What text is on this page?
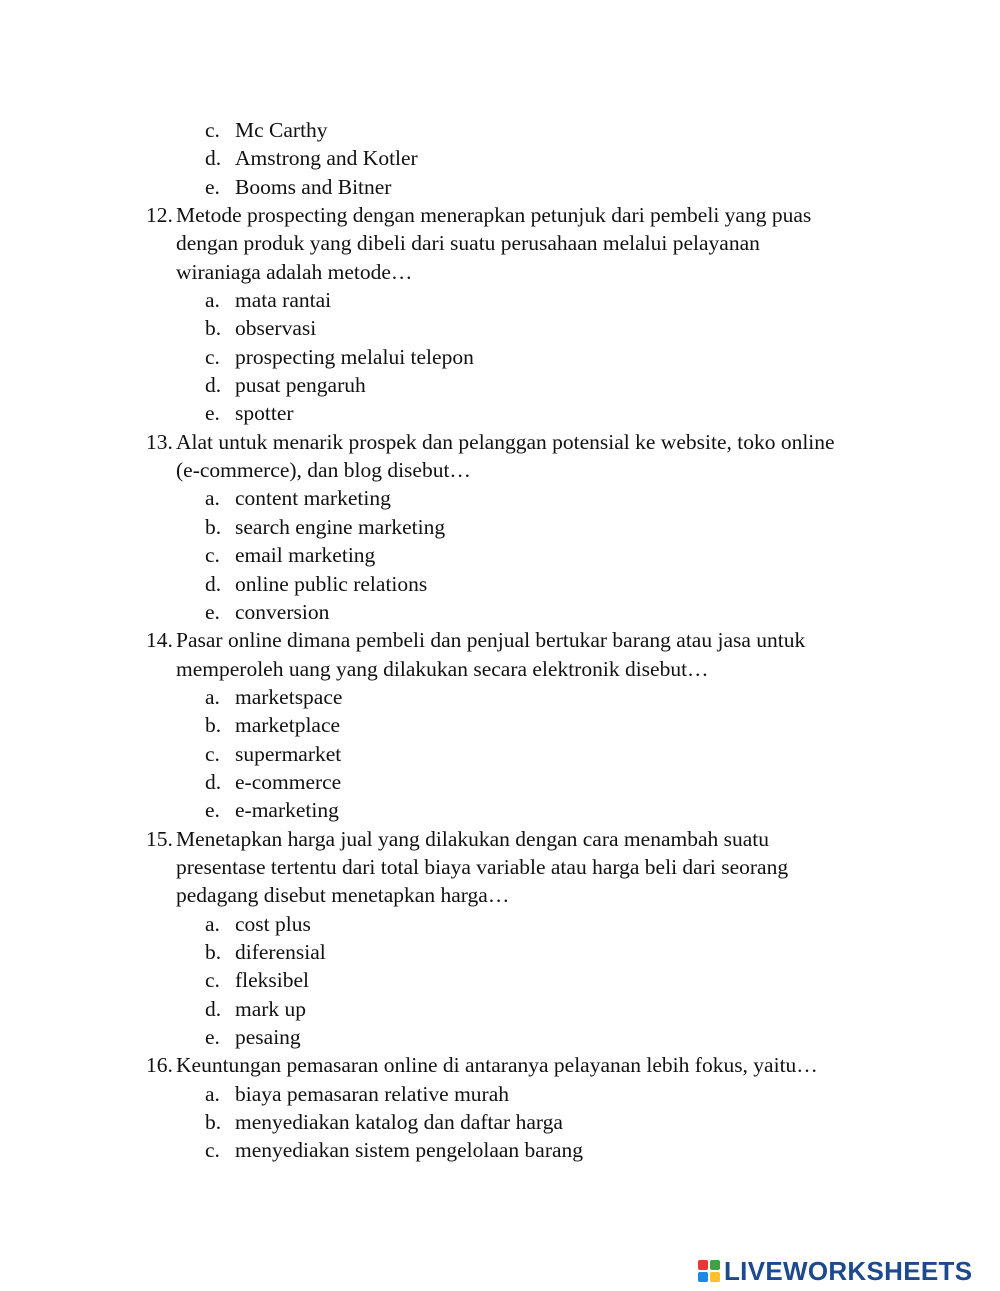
c. Mc Carthy
d. Amstrong and Kotler
e. Booms and Bitner
12. Metode prospecting dengan menerapkan petunjuk dari pembeli yang puas
dengan produk yang dibeli dari suatu perusahaan melalui pelayanan
wiraniaga adalah metode…
a. mata rantai
b. observasi
c. prospecting melalui telepon
d. pusat pengaruh
e. spotter
13. Alat untuk menarik prospek dan pelanggan potensial ke website, toko online
(e-commerce), dan blog disebut…
a. content marketing
b. search engine marketing
c. email marketing
d. online public relations
e. conversion
14. Pasar online dimana pembeli dan penjual bertukar barang atau jasa untuk
memperoleh uang yang dilakukan secara elektronik disebut…
a. marketspace
b. marketplace
c. supermarket
d. e-commerce
e. e-marketing
15. Menetapkan harga jual yang dilakukan dengan cara menambah suatu
presentase tertentu dari total biaya variable atau harga beli dari seorang
pedagang disebut menetapkan harga…
a. cost plus
b. diferensial
c. fleksibel
d. mark up
e. pesaing
16. Keuntungan pemasaran online di antaranya pelayanan lebih fokus, yaitu…
a. biaya pemasaran relative murah
b. menyediakan katalog dan daftar harga
c. menyediakan sistem pengelolaan barang
LIVEWORKSHEETS
